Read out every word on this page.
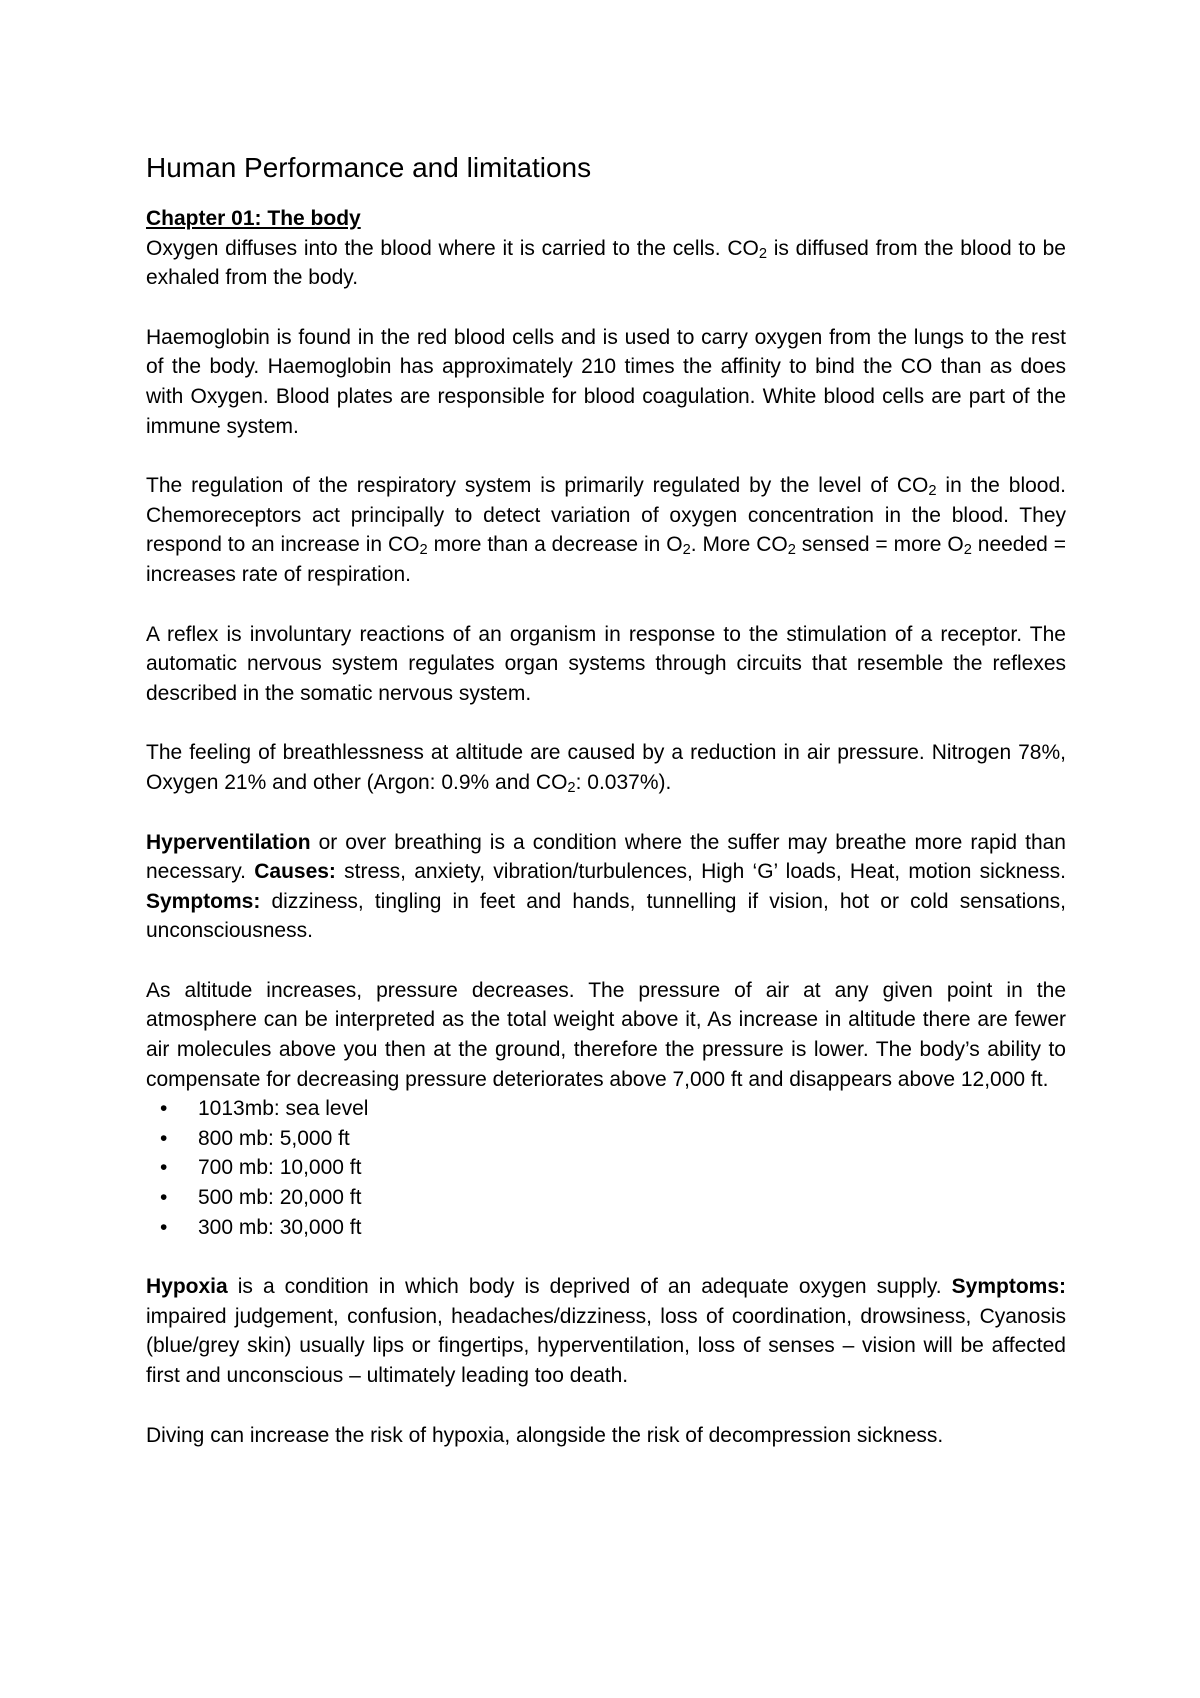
Human Performance and limitations
Chapter 01: The body

Oxygen diffuses into the blood where it is carried to the cells. $CO_2$ is diffused from the blood to be exhaled from the body.

Haemoglobin is found in the red blood cells and is used to carry oxygen from the lungs to the rest of the body. Haemoglobin has approximately 210 times the affinity to bind the CO than as does with Oxygen. Blood plates are responsible for blood coagulation. White blood cells are part of the immune system.

The regulation of the respiratory system is primarily regulated by the level of $CO_2$ in the blood. Chemoreceptors act principally to detect variation of oxygen concentration in the blood. They respond to an increase in $CO_2$ more than a decrease in $O_2$. More $CO_2$ sensed = more $O_2$ needed = increases rate of respiration.

A reflex is involuntary reactions of an organism in response to the stimulation of a receptor. The automatic nervous system regulates organ systems through circuits that resemble the reflexes described in the somatic nervous system.

The feeling of breathlessness at altitude are caused by a reduction in air pressure. Nitrogen 78%, Oxygen 21% and other (Argon: 0.9% and $CO_2$: 0.037%).

Hyperventilation or over breathing is a condition where the suffer may breathe more rapid than necessary. Causes: stress, anxiety, vibration/turbulences, High ‘G’ loads, Heat, motion sickness. Symptoms: dizziness, tingling in feet and hands, tunnelling if vision, hot or cold sensations, unconsciousness.

As altitude increases, pressure decreases. The pressure of air at any given point in the atmosphere can be interpreted as the total weight above it, As increase in altitude there are fewer air molecules above you then at the ground, therefore the pressure is lower. The body’s ability to compensate for decreasing pressure deteriorates above 7,000 ft and disappears above 12,000 ft.

• 1013mb: sea level
• 800 mb: 5,000 ft
• 700 mb: 10,000 ft
• 500 mb: 20,000 ft
• 300 mb: 30,000 ft

Hypoxia is a condition in which body is deprived of an adequate oxygen supply. Symptoms: impaired judgement, confusion, headaches/dizziness, loss of coordination, drowsiness, Cyanosis (blue/grey skin) usually lips or fingertips, hyperventilation, loss of senses – vision will be affected first and unconscious – ultimately leading too death.

Diving can increase the risk of hypoxia, alongside the risk of decompression sickness.
